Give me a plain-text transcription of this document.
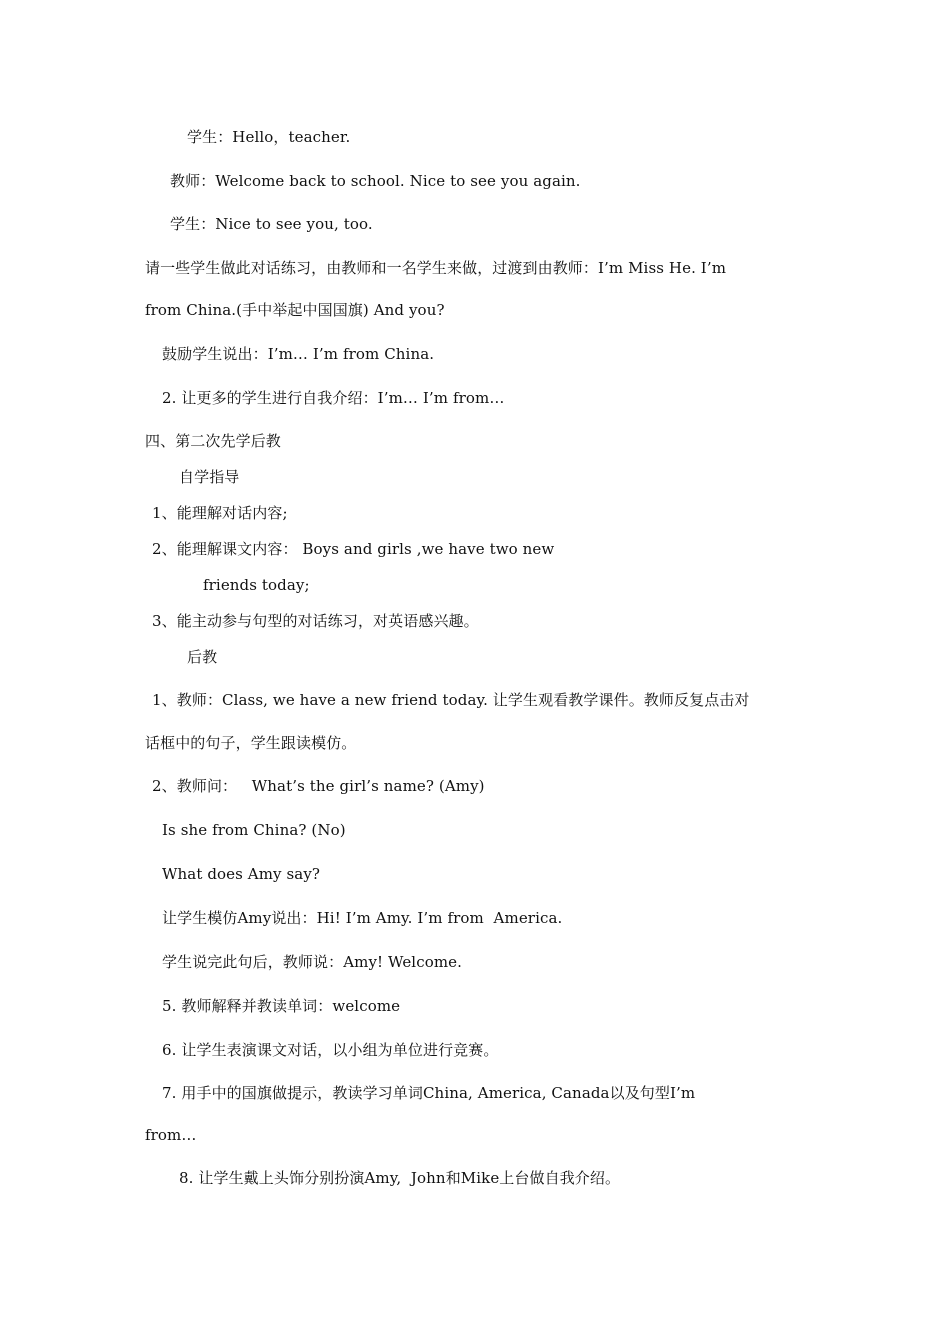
学生：Hello，teacher.
教师：Welcome back to school. Nice to see you again.
学生：Nice to see you, too.
请一些学生做此对话练习，由教师和一名学生来做，过渡到由教师：I’m Miss He. I’m
from China.(手中举起中国国旗) And you?
鼓励学生说出：I’m… I’m from China.
2. 让更多的学生进行自我介绍：I’m… I’m from…
四、第二次先学后教
自学指导
1、能理解对话内容;
2、能理解课文内容： Boys and girls ,we have two new
friends today;
3、能主动参与句型的对话练习，对英语感兴趣。
后教
1、教师：Class, we have a new friend today. 让学生观看教学课件。教师反复点击对
话框中的句子，学生跟读模仿。
2、教师问：   What’s the girl’s name? (Amy)
Is she from China? (No)
What does Amy say?
让学生模仿Amy说出：Hi! I’m Amy. I’m from  America.
学生说完此句后，教师说：Amy! Welcome.
5. 教师解释并教读单词：welcome
6. 让学生表演课文对话，以小组为单位进行竞赛。
7. 用手中的国旗做提示，教读学习单词China, America, Canada以及句型I’m
from…
8. 让学生戴上头饰分别扮演Amy,  John和Mike上台做自我介绍。
